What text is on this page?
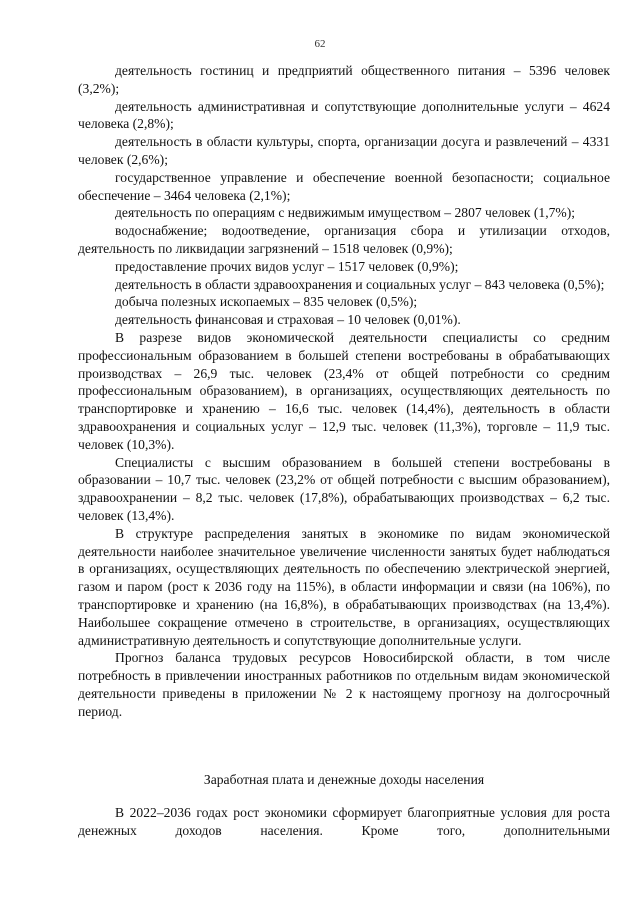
62

деятельность гостиниц и предприятий общественного питания – 5396 человек (3,2%);

деятельность административная и сопутствующие дополнительные услуги – 4624 человека (2,8%);

деятельность в области культуры, спорта, организации досуга и развлечений – 4331 человек (2,6%);

государственное управление и обеспечение военной безопасности; социальное обеспечение – 3464 человека (2,1%);

деятельность по операциям с недвижимым имуществом – 2807 человек (1,7%);

водоснабжение; водоотведение, организация сбора и утилизации отходов, деятельность по ликвидации загрязнений – 1518 человек (0,9%);

предоставление прочих видов услуг – 1517 человек (0,9%);

деятельность в области здравоохранения и социальных услуг – 843 человека (0,5%);

добыча полезных ископаемых – 835 человек (0,5%);

деятельность финансовая и страховая – 10 человек (0,01%).

В разрезе видов экономической деятельности специалисты со средним профессиональным образованием в большей степени востребованы в обрабатывающих производствах – 26,9 тыс. человек (23,4% от общей потребности со средним профессиональным образованием), в организациях, осуществляющих деятельность по транспортировке и хранению – 16,6 тыс. человек (14,4%), деятельность в области здравоохранения и социальных услуг – 12,9 тыс. человек (11,3%), торговле – 11,9 тыс. человек (10,3%).

Специалисты с высшим образованием в большей степени востребованы в образовании – 10,7 тыс. человек (23,2% от общей потребности с высшим образованием), здравоохранении – 8,2 тыс. человек (17,8%), обрабатывающих производствах – 6,2 тыс. человек (13,4%).

В структуре распределения занятых в экономике по видам экономической деятельности наиболее значительное увеличение численности занятых будет наблюдаться в организациях, осуществляющих деятельность по обеспечению электрической энергией, газом и паром (рост к 2036 году на 115%), в области информации и связи (на 106%), по транспортировке и хранению (на 16,8%), в обрабатывающих производствах (на 13,4%). Наибольшее сокращение отмечено в строительстве, в организациях, осуществляющих административную деятельность и сопутствующие дополнительные услуги.

Прогноз баланса трудовых ресурсов Новосибирской области, в том числе потребность в привлечении иностранных работников по отдельным видам экономической деятельности приведены в приложении № 2 к настоящему прогнозу на долгосрочный период.

Заработная плата и денежные доходы населения

В 2022–2036 годах рост экономики сформирует благоприятные условия для роста денежных доходов населения. Кроме того, дополнительными
